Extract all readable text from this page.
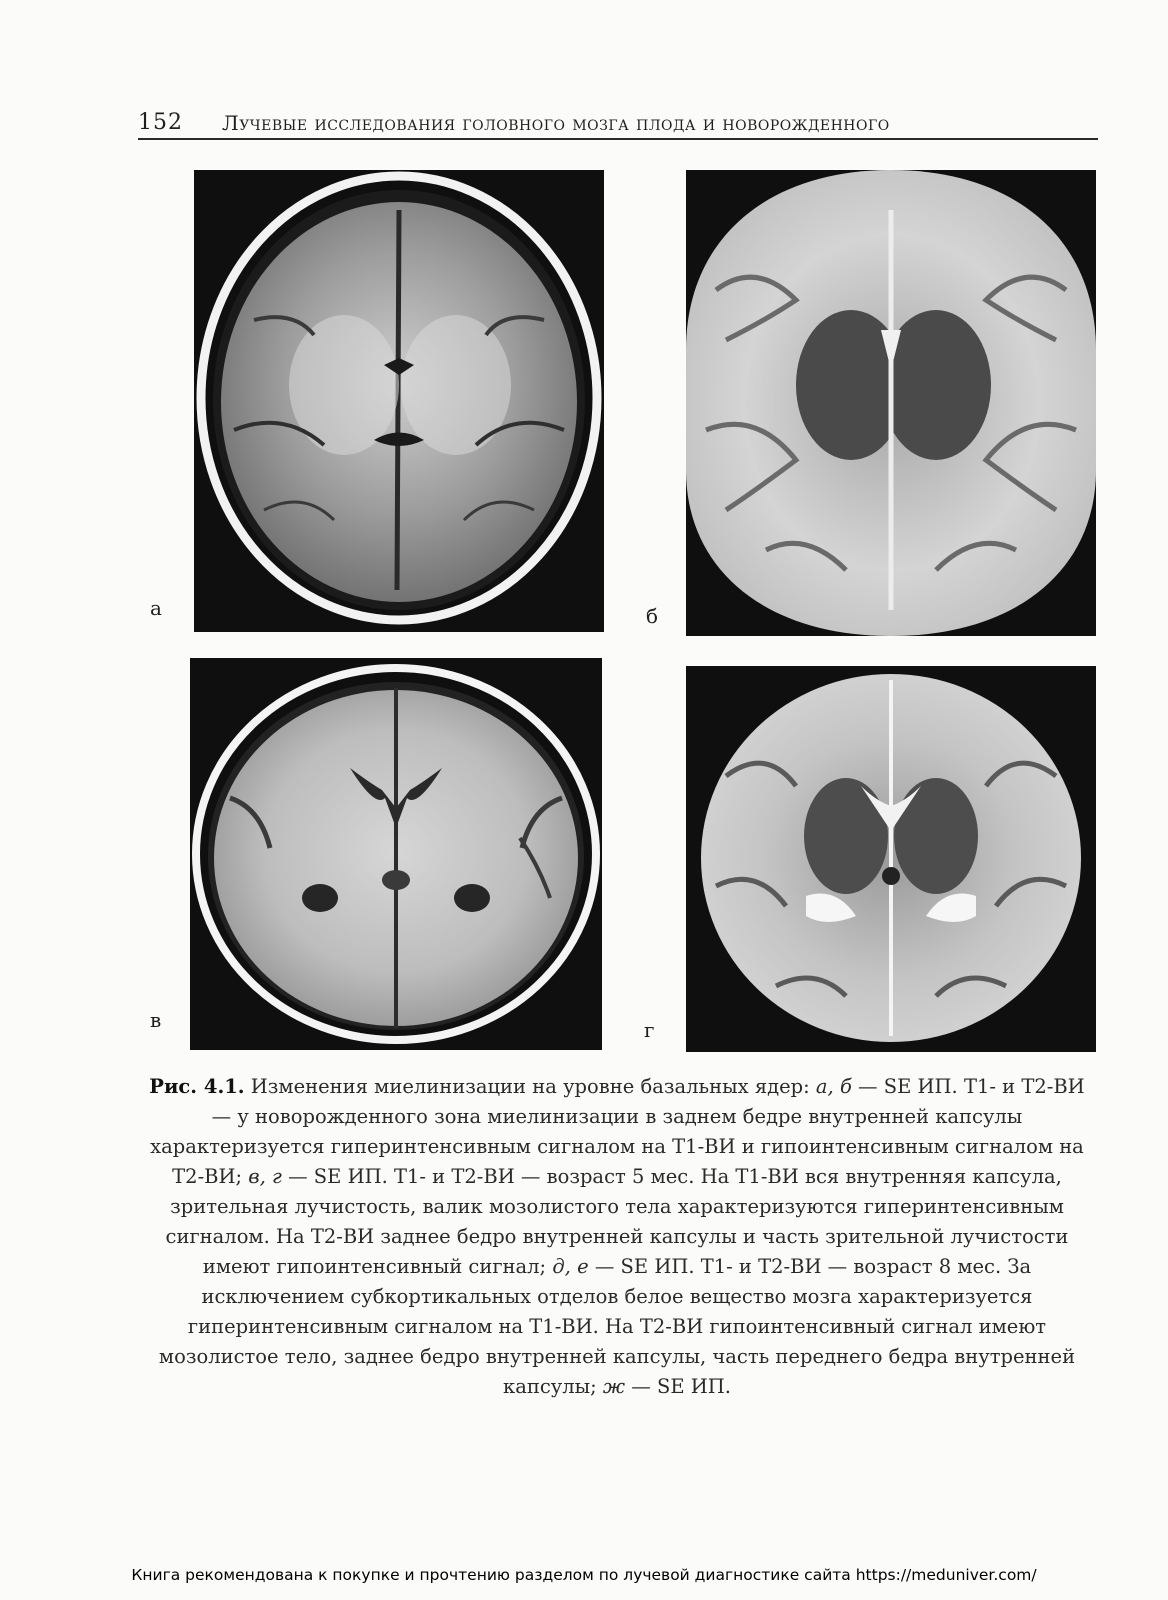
152	Лучевые исследования головного мозга плода и новорожденного
а	б
в	г
Рис. 4.1. Изменения миелинизации на уровне базальных ядер: а, б — SE ИП. Т1- и Т2-ВИ — у новорожденного зона миелинизации в заднем бедре внутренней капсулы характеризуется гиперинтенсивным сигналом на Т1-ВИ и гипоинтенсивным сигналом на Т2-ВИ; в, г — SE ИП. Т1- и Т2-ВИ — возраст 5 мес. На Т1-ВИ вся внутренняя капсула, зрительная лучистость, валик мозолистого тела характеризуются гиперинтенсивным сигналом. На Т2-ВИ заднее бедро внутренней капсулы и часть зрительной лучистости имеют гипоинтенсивный сигнал; д, е — SE ИП. Т1- и Т2-ВИ — возраст 8 мес. За исключением субкортикальных отделов белое вещество мозга характеризуется гиперинтенсивным сигналом на Т1-ВИ. На Т2-ВИ гипоинтенсивный сигнал имеют мозолистое тело, заднее бедро внутренней капсулы, часть переднего бедра внутренней капсулы; ж — SE ИП.
Книга рекомендована к покупке и прочтению разделом по лучевой диагностике сайта https://meduniver.com/
